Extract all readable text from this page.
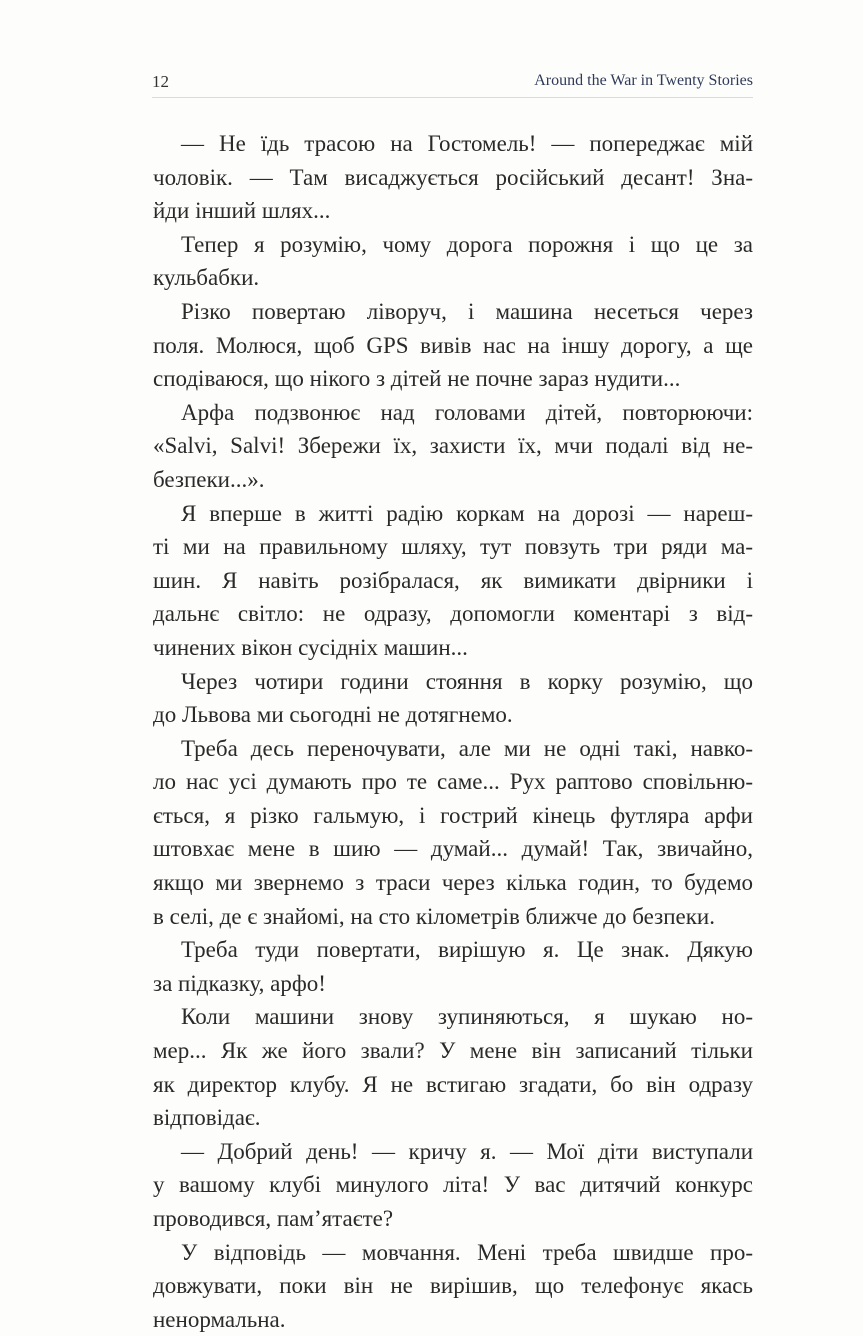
12	Around the War in Twenty Stories
— Не їдь трасою на Гостомель! — попереджає мій
чоловік. — Там висаджується російський десант! Зна-
йди інший шлях...
Тепер я розумію, чому дорога порожня і що це за
кульбабки.
Різко повертаю ліворуч, і машина несеться через
поля. Молюся, щоб GPS вивів нас на іншу дорогу, а ще
сподіваюся, що нікого з дітей не почне зараз нудити...
Арфа подзвонює над головами дітей, повторюючи:
«Salvi, Salvi! Збережи їх, захисти їх, мчи подалі від не-
безпеки...».
Я вперше в житті радію коркам на дорозі — нареш-
ті ми на правильному шляху, тут повзуть три ряди ма-
шин. Я навіть розібралася, як вимикати двірники і
дальнє світло: не одразу, допомогли коментарі з від-
чинених вікон сусідніх машин...
Через чотири години стояння в корку розумію, що
до Львова ми сьогодні не дотягнемо.
Треба десь переночувати, але ми не одні такі, навко-
ло нас усі думають про те саме... Рух раптово сповільню-
ється, я різко гальмую, і гострий кінець футляра арфи
штовхає мене в шию — думай... думай! Так, звичайно,
якщо ми звернемо з траси через кілька годин, то будемо
в селі, де є знайомі, на сто кілометрів ближче до безпеки.
Треба туди повертати, вирішую я. Це знак. Дякую
за підказку, арфо!
Коли машини знову зупиняються, я шукаю но-
мер... Як же його звали? У мене він записаний тільки
як директор клубу. Я не встигаю згадати, бо він одразу
відповідає.
— Добрий день! — кричу я. — Мої діти виступали
у вашому клубі минулого літа! У вас дитячий конкурс
проводився, пам’ятаєте?
У відповідь — мовчання. Мені треба швидше про-
довжувати, поки він не вирішив, що телефонує якась
ненормальна.
